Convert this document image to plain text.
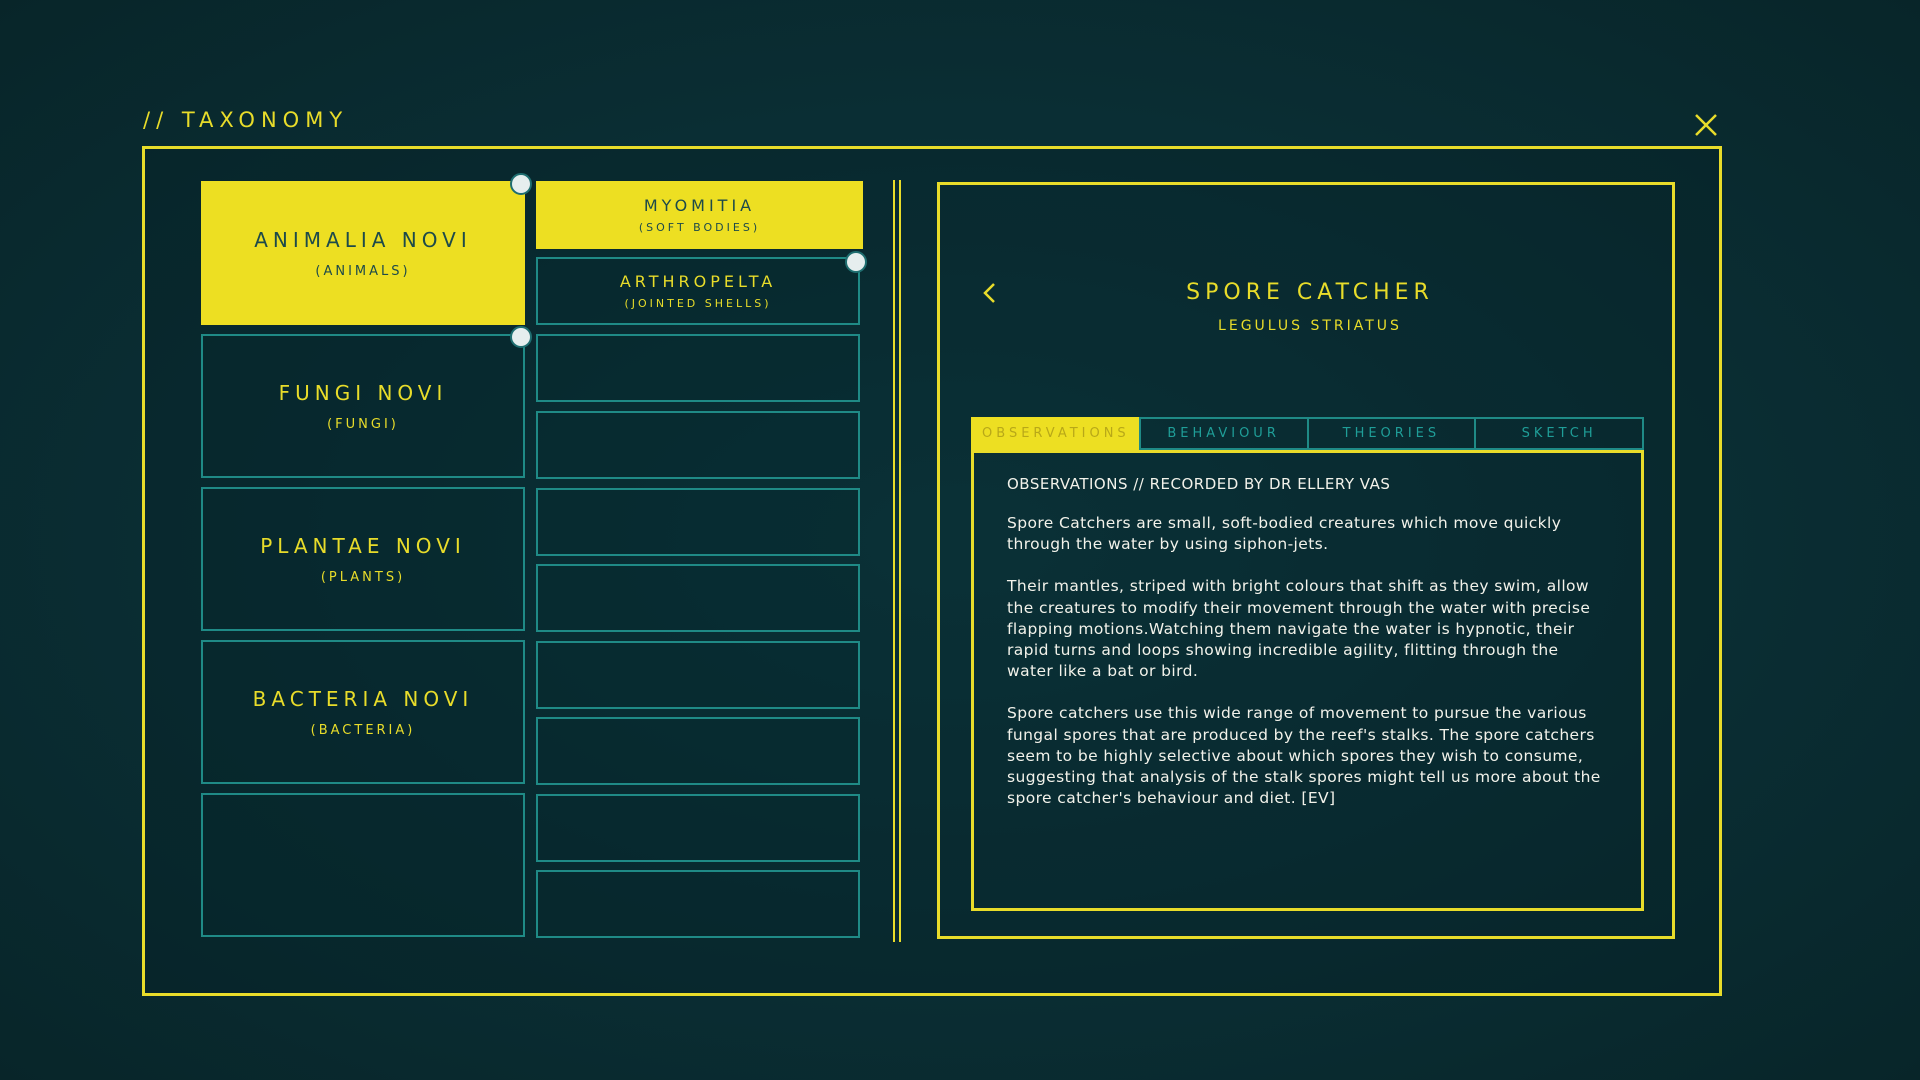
// TAXONOMY
ANIMALIA NOVI
(ANIMALS)
FUNGI NOVI
(FUNGI)
PLANTAE NOVI
(PLANTS)
BACTERIA NOVI
(BACTERIA)
MYOMITIA
(SOFT BODIES)
ARTHROPELTA
(JOINTED SHELLS)	SPORE CATCHER
LEGULUS STRIATUS
OBSERVATIONS	BEHAVIOUR	THEORIES	SKETCH
OBSERVATIONS // RECORDED BY DR ELLERY VAS

Spore Catchers are small, soft-bodied creatures which move quickly through the water by using siphon-jets.

Their mantles, striped with bright colours that shift as they swim, allow the creatures to modify their movement through the water with precise flapping motions.Watching them navigate the water is hypnotic, their rapid turns and loops showing incredible agility, flitting through the water like a bat or bird.

Spore catchers use this wide range of movement to pursue the various fungal spores that are produced by the reef's stalks. The spore catchers seem to be highly selective about which spores they wish to consume, suggesting that analysis of the stalk spores might tell us more about the spore catcher's behaviour and diet. [EV]
